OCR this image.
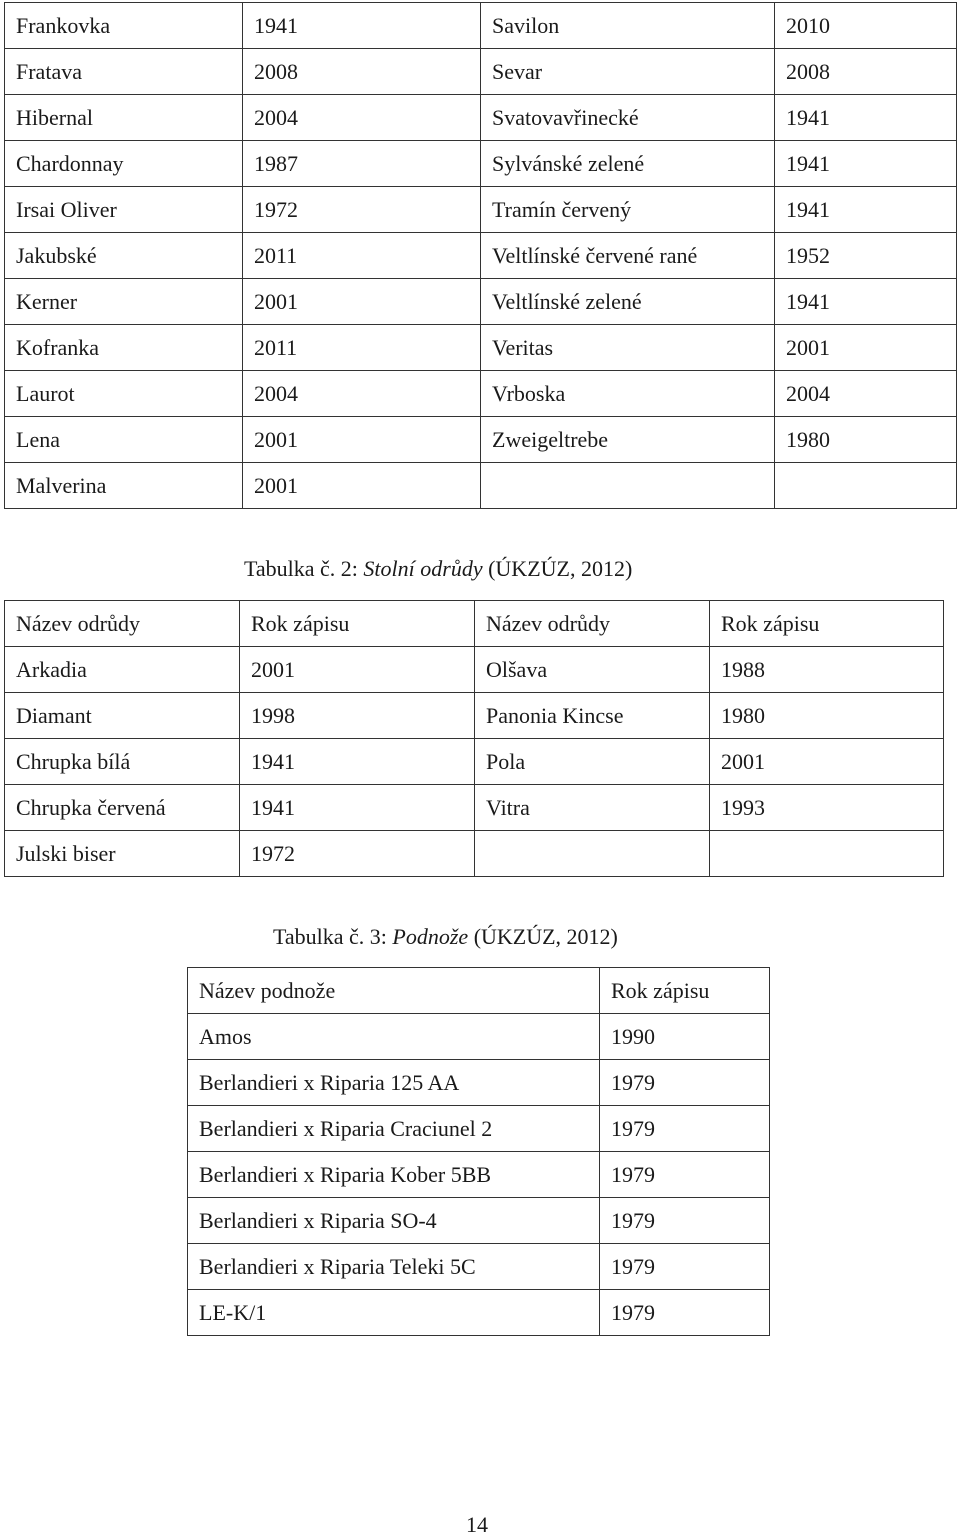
Frankovka	1941	Savilon	2010
Fratava	2008	Sevar	2008
Hibernal	2004	Svatovavřinecké	1941
Chardonnay	1987	Sylvánské zelené	1941
Irsai Oliver	1972	Tramín červený	1941
Jakubské	2011	Veltlínské červené rané	1952
Kerner	2001	Veltlínské zelené	1941
Kofranka	2011	Veritas	2001
Laurot	2004	Vrboska	2004
Lena	2001	Zweigeltrebe	1980
Malverina	2001		
Tabulka č. 2: Stolní odrůdy (ÚKZÚZ, 2012)
Název odrůdy	Rok zápisu	Název odrůdy	Rok zápisu
Arkadia	2001	Olšava	1988
Diamant	1998	Panonia Kincse	1980
Chrupka bílá	1941	Pola	2001
Chrupka červená	1941	Vitra	1993
Julski biser	1972		
Tabulka č. 3: Podnože (ÚKZÚZ, 2012)
Název podnože	Rok zápisu
Amos	1990
Berlandieri x Riparia 125 AA	1979
Berlandieri x Riparia Craciunel 2	1979
Berlandieri x Riparia Kober 5BB	1979
Berlandieri x Riparia SO-4	1979
Berlandieri x Riparia Teleki 5C	1979
LE-K/1	1979
14
